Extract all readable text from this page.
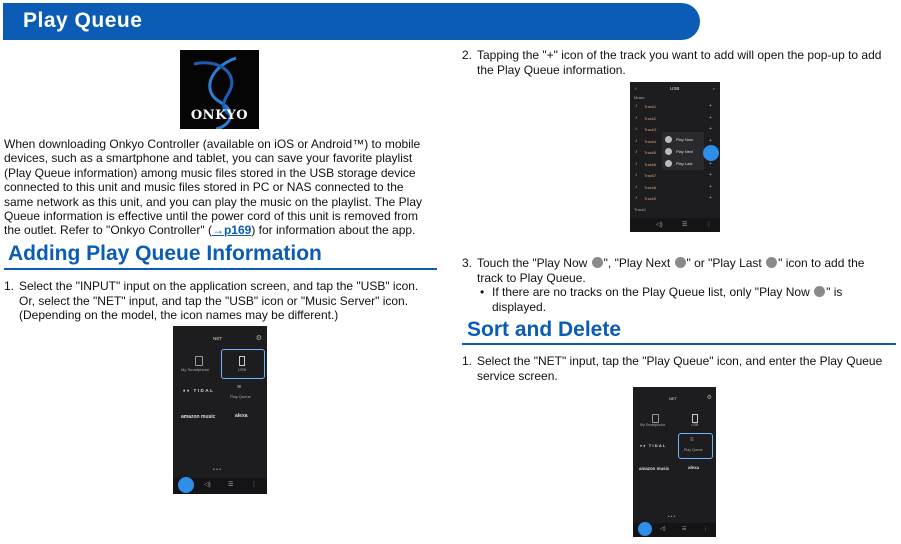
Play Queue
ONKYO
When downloading Onkyo Controller (available on iOS or Android™) to mobile devices, such as a smartphone and tablet, you can save your favorite playlist (Play Queue information) among music files stored in the USB storage device connected to this unit and music files stored in PC or NAS connected to the same network as this unit, and you can play the music on the playlist. The Play Queue information is effective until the power cord of this unit is removed from the outlet. Refer to "Onkyo Controller" (→p169) for information about the app.
Adding Play Queue Information
1. Select the "INPUT" input on the application screen, and tap the "USB" icon. Or, select the "NET" input, and tap the "USB" icon or "Music Server" icon. (Depending on the model, the icon names may be different.)
NET	⚙
My Smartphone	USB
♦♦ TIDAL	≡
Play Queue
amazon music	alexa
• • •
◁)	☰	⋮
2. Tapping the "+" icon of the track you want to add will open the pop-up to add the Play Queue information.
‹	USB	⌕
Music
♪ Track1	+
♪ Track2	+
♪ Track3	+
♪ Track4	+
♪ Track5
♪ Track6	+
♪ Track7	+
♪ Track8	+
♪ Track9	+
Play Now
Play Next
Play Last
Track1
◁)	☰	⋮
3. Touch the "Play Now ", "Play Next " or "Play Last " icon to add the track to Play Queue.
• If there are no tracks on the Play Queue list, only "Play Now " is displayed.
Sort and Delete
1. Select the "NET" input, tap the "Play Queue" icon, and enter the Play Queue service screen.
NET	⚙
My Smartphone	USB
♦♦ TIDAL
≡
Play Queue
amazon music	alexa
• • •
◁)	☰	⋮
